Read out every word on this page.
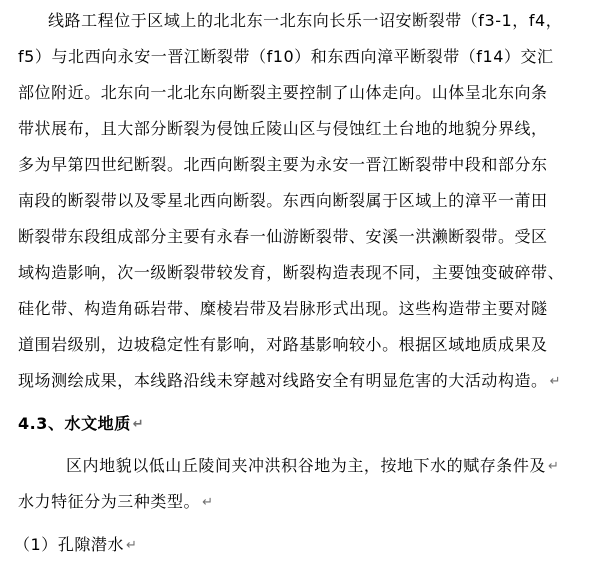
线路工程位于区域上的北北东一北东向长乐一诏安断裂带（f3-1，f4，
f5）与北西向永安一晋江断裂带（f10）和东西向漳平断裂带（f14）交汇
部位附近。北东向一北北东向断裂主要控制了山体走向。山体呈北东向条
带状展布，且大部分断裂为侵蚀丘陵山区与侵蚀红土台地的地貌分界线，
多为早第四世纪断裂。北西向断裂主要为永安一晋江断裂带中段和部分东
南段的断裂带以及零星北西向断裂。东西向断裂属于区域上的漳平一莆田
断裂带东段组成部分主要有永春一仙游断裂带、安溪一洪濑断裂带。受区
域构造影响，次一级断裂带较发育，断裂构造表现不同，主要蚀变破碎带、
硅化带、构造角砾岩带、糜棱岩带及岩脉形式出现。这些构造带主要对隧
道围岩级别，边坡稳定性有影响，对路基影响较小。根据区域地质成果及
现场测绘成果，本线路沿线未穿越对线路安全有明显危害的大活动构造。 ↵
4.3、水文地质 ↵
区内地貌以低山丘陵间夹冲洪积谷地为主，按地下水的赋存条件及 ↵
水力特征分为三种类型。 ↵
（1）孔隙潜水 ↵
